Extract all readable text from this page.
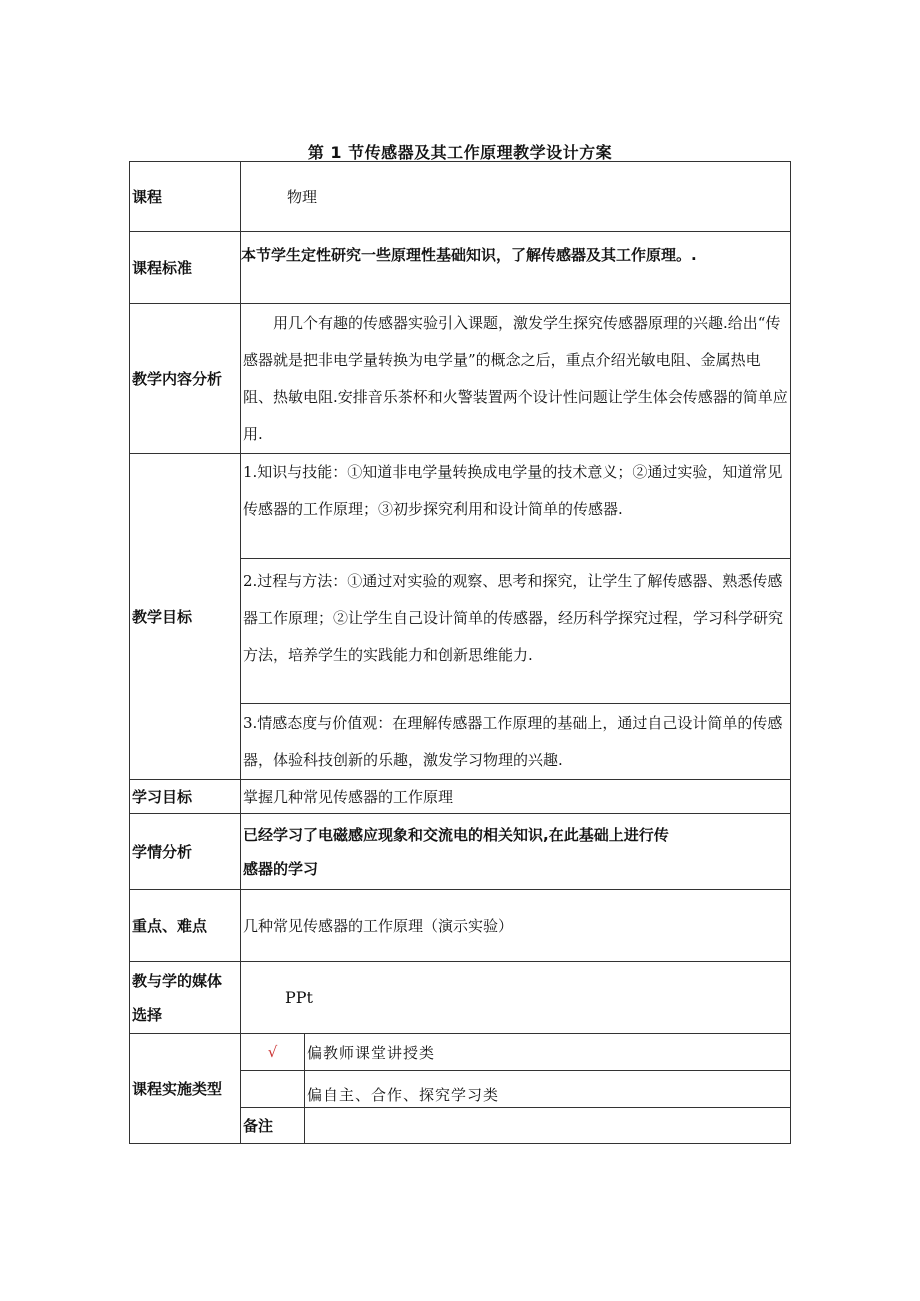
第 1 节传感器及其工作原理教学设计方案
课程	物理	
课程标准	本节学生定性研究一些原理性基础知识，了解传感器及其工作原理。.	
教学内容分析	用几个有趣的传感器实验引入课题，激发学生探究传感器原理的兴趣.给出“传感器就是把非电学量转换为电学量”的概念之后，重点介绍光敏电阻、金属热电阻、热敏电阻.安排音乐茶杯和火警装置两个设计性问题让学生体会传感器的简单应用.	
教学目标	1.知识与技能：①知道非电学量转换成电学量的技术意义；②通过实验，知道常见传感器的工作原理；③初步探究利用和设计简单的传感器.	
	2.过程与方法：①通过对实验的观察、思考和探究，让学生了解传感器、熟悉传感器工作原理；②让学生自己设计简单的传感器，经历科学探究过程，学习科学研究方法，培养学生的实践能力和创新思维能力.	
	3.情感态度与价值观：在理解传感器工作原理的基础上，通过自己设计简单的传感器，体验科技创新的乐趣，激发学习物理的兴趣.	
学习目标	掌握几种常见传感器的工作原理	
学情分析	已经学习了电磁感应现象和交流电的相关知识,在此基础上进行传
感器的学习	

重点、难点	几种常见传感器的工作原理（演示实验）	

教与学的媒体
选择	PPt	
课程实施类型	√	偏教师课堂讲授类
		偏自主、合作、探究学习类
	备注	
